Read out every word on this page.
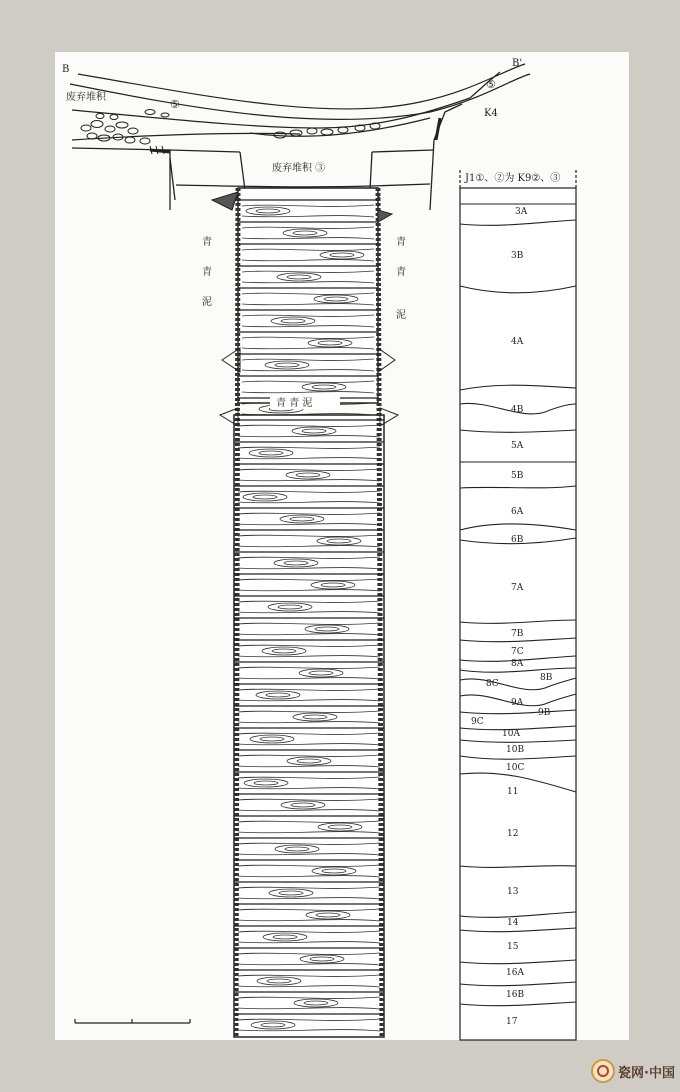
B
B'
废弃堆积
⑤
⑤
K4
废弃堆积 ③
青
青
泥
青
青
泥
青 青 泥
J1①、②为 K9②、③
3A
3B
4A
4B
5A
5B
6A
6B
7A
7B
7C
8A
8B
8C
9A
9B
9C
10A
10B
10C
11
12
13
14
15
16A
16B
17
瓷网·中国
